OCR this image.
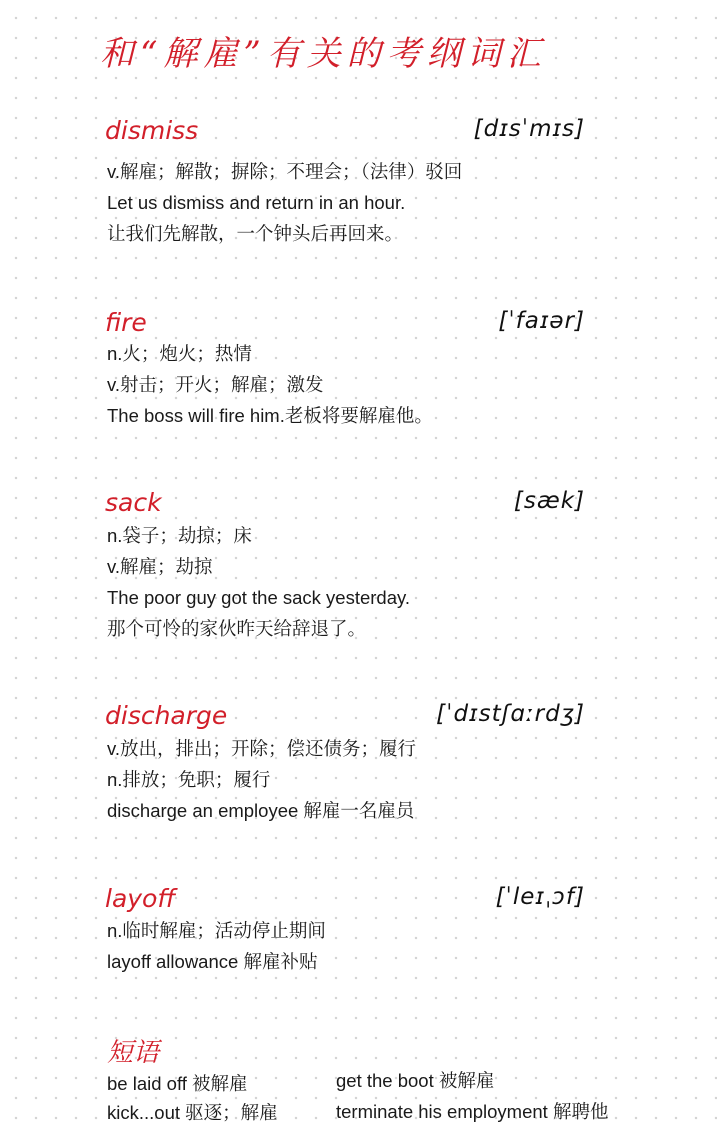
和“解雇”有关的考纲词汇
dismiss	[dɪsˈmɪs]
v.解雇；解散；摒除；不理会；（法律）驳回
Let us dismiss and return in an hour.
让我们先解散，一个钟头后再回来。
fire	[ˈfaɪər]
n.火；炮火；热情
v.射击；开火；解雇；激发
The boss will fire him.老板将要解雇他。
sack	[sæk]
n.袋子；劫掠；床
v.解雇；劫掠
The poor guy got the sack yesterday.
那个可怜的家伙昨天给辞退了。
discharge	[ˈdɪstʃɑːrdʒ]
v.放出，排出；开除；偿还债务；履行
n.排放；免职；履行
discharge an employee 解雇一名雇员
layoff	[ˈleɪˌɔf]
n.临时解雇；活动停止期间
layoff allowance 解雇补贴
短语
be laid off 被解雇	get the boot 被解雇
kick...out 驱逐；解雇	terminate his employment 解聘他
